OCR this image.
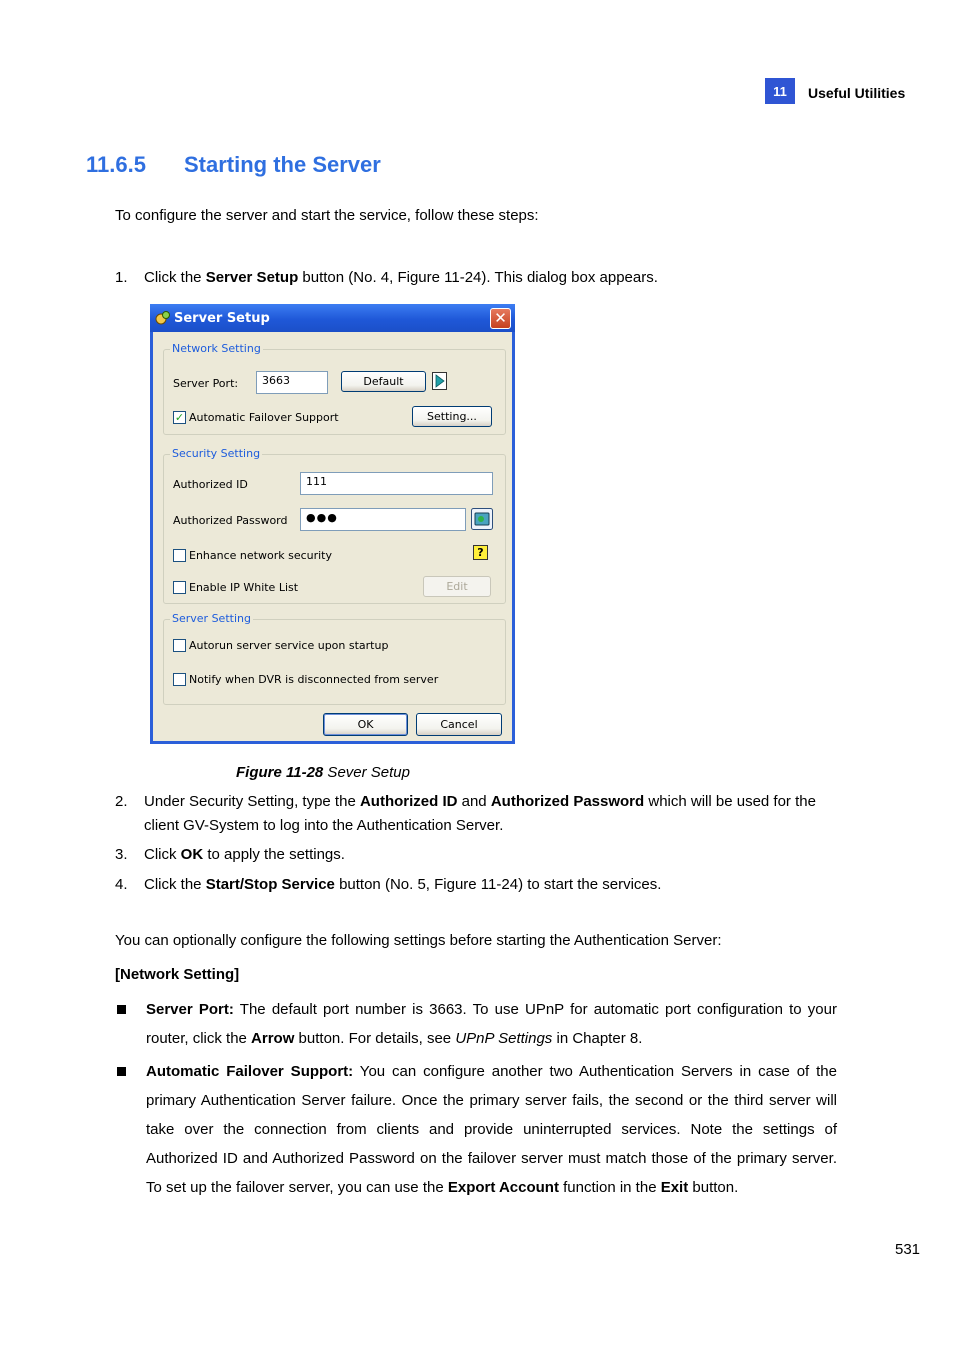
11	Useful Utilities
11.6.5 Starting the Server
To configure the server and start the service, follow these steps:
1. Click the Server Setup button (No. 4, Figure 11-24). This dialog box appears.
Server Setup	✕
Network Setting
Server Port:	3663	Default
✓ Automatic Failover Support	Setting...
Security Setting
Authorized ID	111
Authorized Password	●●●
Enhance network security	?
Enable IP White List	Edit
Server Setting
Autorun server service upon startup
Notify when DVR is disconnected from server
OK	Cancel
Figure 11-28 Sever Setup
2. Under Security Setting, type the Authorized ID and Authorized Password which will be used for the client GV-System to log into the Authentication Server.
3. Click OK to apply the settings.
4. Click the Start/Stop Service button (No. 5, Figure 11-24) to start the services.
You can optionally configure the following settings before starting the Authentication Server:
[Network Setting]
Server Port: The default port number is 3663. To use UPnP for automatic port configuration to your router, click the Arrow button. For details, see UPnP Settings in Chapter 8.
Automatic Failover Support: You can configure another two Authentication Servers in case of the primary Authentication Server failure. Once the primary server fails, the second or the third server will take over the connection from clients and provide uninterrupted services. Note the settings of Authorized ID and Authorized Password on the failover server must match those of the primary server. To set up the failover server, you can use the Export Account function in the Exit button.
531
